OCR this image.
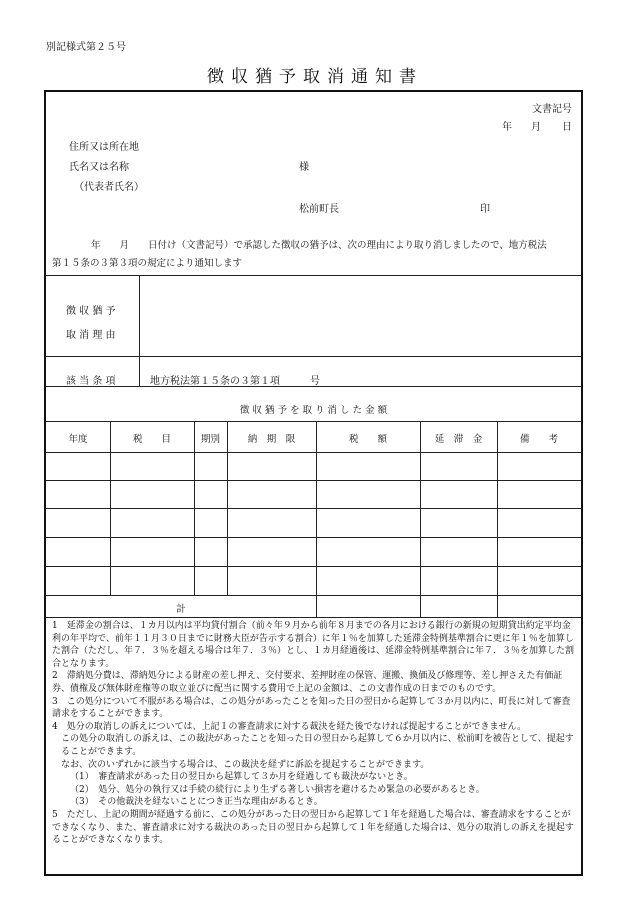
別記様式第２５号
徴収猶予取消通知書
文書記号
年 月 日
住所又は所在地
氏名又は名称	様
（代表者氏名）
松前町長	印
年　　月　　日付け（文書記号）で承認した徴収の猶予は、次の理由により取り消しましたので、地方税法
第１５条の３第３項の規定により通知します
徴 収 猶 予
取 消 理 由
該 当 条 項	地方税法第１５条の３第１項　　　号
徴 収 猶 予 を 取 り 消 し た 金 額
年度	税　　目	期別	納　期　限	税　　額	延　滞　金	備　　考
計

1　延滞金の割合は、１カ月以内は平均貸付割合（前々年９月から前年８月までの各月における銀行の新規の短期貸出約定平均金利の年平均で、前年１１月３０日までに財務大臣が告示する割合）に年１％を加算した延滞金特例基準割合に更に年１％を加算した割合（ただし、年７．３％を超える場合は年７．３％）とし、１カ月経過後は、延滞金特例基準割合に年７．３％を加算した割合となります。

2　滞納処分費は、滞納処分による財産の差し押え、交付要求、差押財産の保管、運搬、換価及び修理等、差し押さえた有価証券、債権及び無体財産権等の取立並びに配当に関する費用で上記の金額は、この文書作成の日までのものです。

3　この処分について不服がある場合は、この処分があったことを知った日の翌日から起算して３か月以内に、町長に対して審査請求をすることができます。

4　処分の取消しの訴えについては、上記１の審査請求に対する裁決を経た後でなければ提起することができません。

この処分の取消しの訴えは、この裁決があったことを知った日の翌日から起算して６か月以内に、松前町を被告として、提起することができます。

なお、次のいずれかに該当する場合は、この裁決を経ずに訴訟を提起することができます。

（1）　審査請求があった日の翌日から起算して３か月を経過しても裁決がないとき。

（2）　処分、処分の執行又は手続の続行により生ずる著しい損害を避けるため緊急の必要があるとき。

（3）　その他裁決を経ないことにつき正当な理由があるとき。

5　ただし、上記の期間が経過する前に、この処分があった日の翌日から起算して１年を経過した場合は、審査請求をすることができなくなり、また、審査請求に対する裁決のあった日の翌日から起算して１年を経過した場合は、処分の取消しの訴えを提起することができなくなります。
